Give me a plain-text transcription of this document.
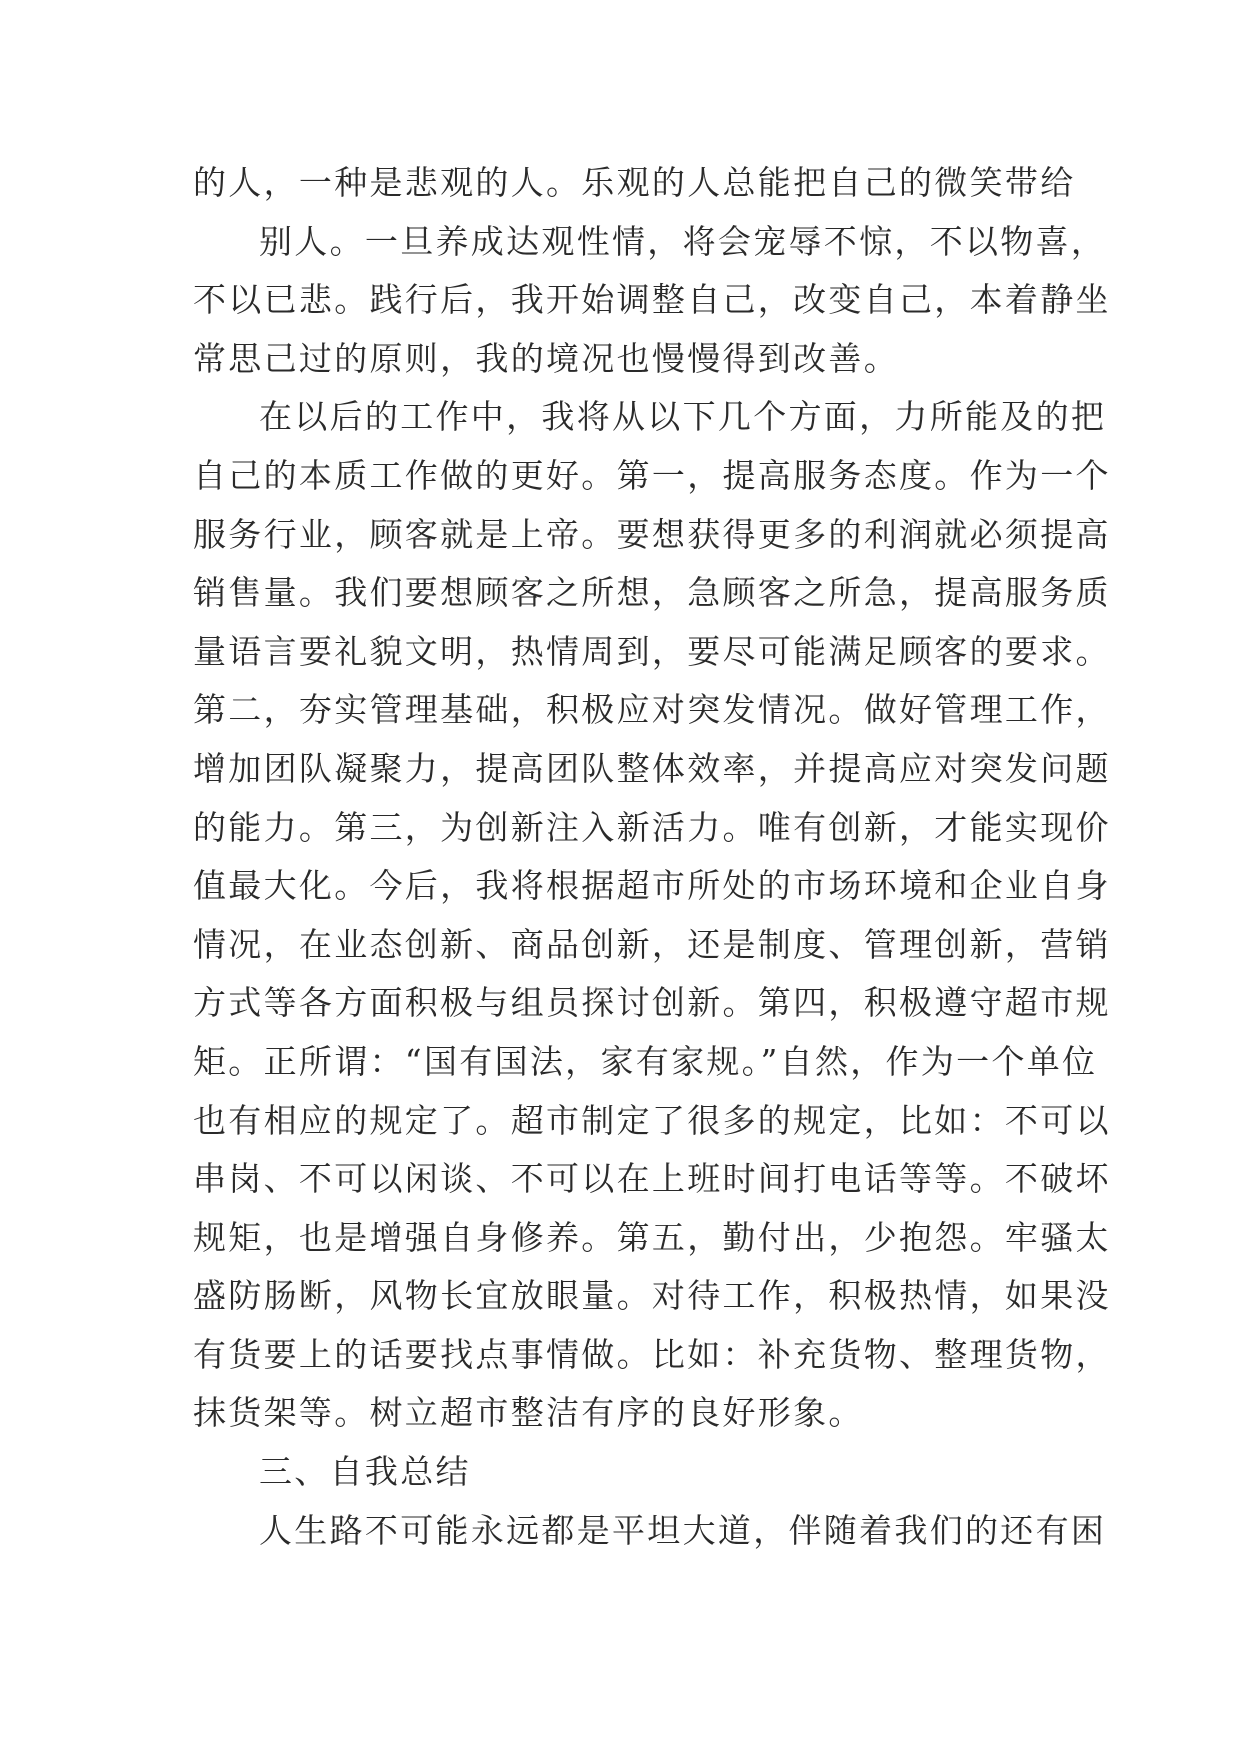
的人，一种是悲观的人。乐观的人总能把自己的微笑带给
别人。一旦养成达观性情，将会宠辱不惊，不以物喜，
不以已悲。践行后，我开始调整自己，改变自己，本着静坐
常思己过的原则，我的境况也慢慢得到改善。
在以后的工作中，我将从以下几个方面，力所能及的把
自己的本质工作做的更好。第一，提高服务态度。作为一个
服务行业，顾客就是上帝。要想获得更多的利润就必须提高
销售量。我们要想顾客之所想，急顾客之所急，提高服务质
量语言要礼貌文明，热情周到，要尽可能满足顾客的要求。
第二，夯实管理基础，积极应对突发情况。做好管理工作，
增加团队凝聚力，提高团队整体效率，并提高应对突发问题
的能力。第三，为创新注入新活力。唯有创新，才能实现价
值最大化。今后，我将根据超市所处的市场环境和企业自身
情况，在业态创新、商品创新，还是制度、管理创新，营销
方式等各方面积极与组员探讨创新。第四，积极遵守超市规
矩。正所谓：“国有国法，家有家规。”自然，作为一个单位
也有相应的规定了。超市制定了很多的规定，比如：不可以
串岗、不可以闲谈、不可以在上班时间打电话等等。不破坏
规矩，也是增强自身修养。第五，勤付出，少抱怨。牢骚太
盛防肠断，风物长宜放眼量。对待工作，积极热情，如果没
有货要上的话要找点事情做。比如：补充货物、整理货物，
抹货架等。树立超市整洁有序的良好形象。
三、自我总结
人生路不可能永远都是平坦大道，伴随着我们的还有困
